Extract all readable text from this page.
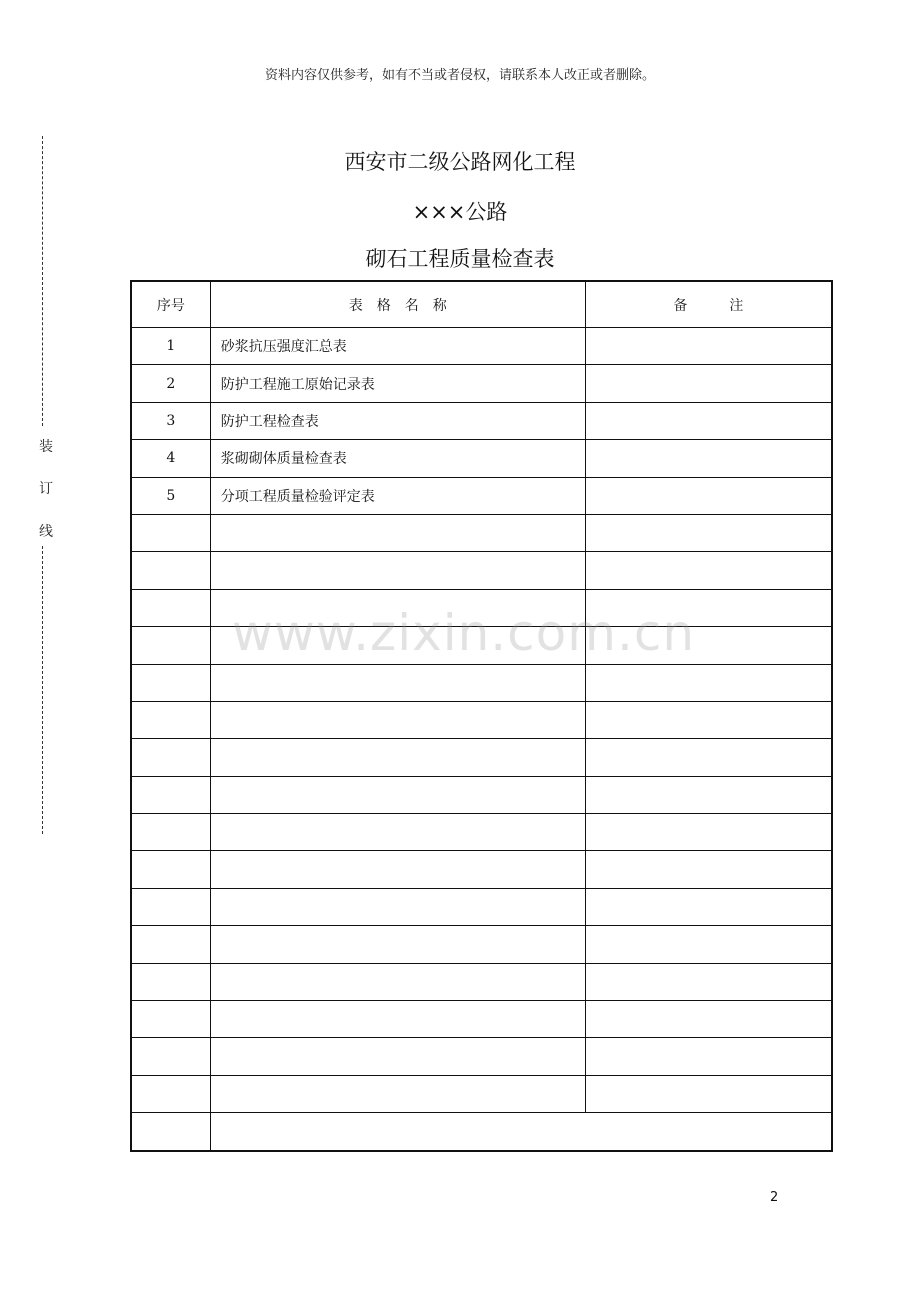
资料内容仅供参考，如有不当或者侵权，请联系本人改正或者删除。
装
订
线
西安市二级公路网化工程
×××公路
砌石工程质量检查表
序号	表　格　名　称	备　　　注
1	砂浆抗压强度汇总表	
2	防护工程施工原始记录表	
3	防护工程检查表	
4	浆砌砌体质量检查表	
5	分项工程质量检验评定表	

www.zixin.com.cn
2
